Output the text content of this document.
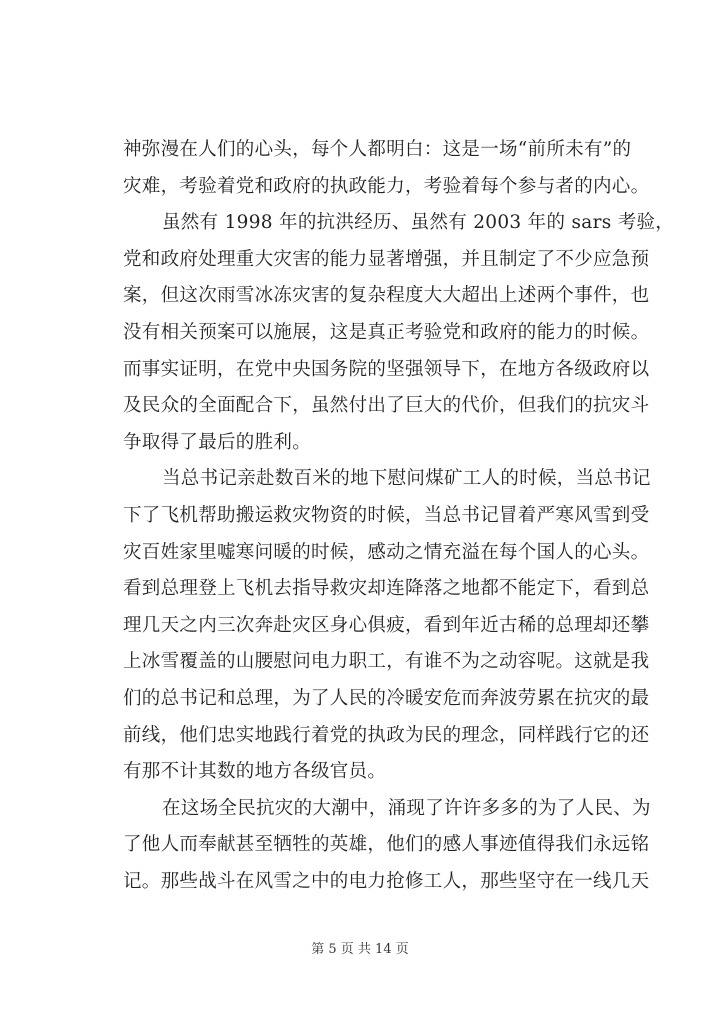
神弥漫在人们的心头，每个人都明白：这是一场“前所未有”的
灾难，考验着党和政府的执政能力，考验着每个参与者的内心。
虽然有 1998 年的抗洪经历、虽然有 2003 年的 sars 考验，
党和政府处理重大灾害的能力显著增强，并且制定了不少应急预
案，但这次雨雪冰冻灾害的复杂程度大大超出上述两个事件，也
没有相关预案可以施展，这是真正考验党和政府的能力的时候。
而事实证明，在党中央国务院的坚强领导下，在地方各级政府以
及民众的全面配合下，虽然付出了巨大的代价，但我们的抗灾斗
争取得了最后的胜利。
当总书记亲赴数百米的地下慰问煤矿工人的时候，当总书记
下了飞机帮助搬运救灾物资的时候，当总书记冒着严寒风雪到受
灾百姓家里嘘寒问暖的时候，感动之情充溢在每个国人的心头。
看到总理登上飞机去指导救灾却连降落之地都不能定下，看到总
理几天之内三次奔赴灾区身心俱疲，看到年近古稀的总理却还攀
上冰雪覆盖的山腰慰问电力职工，有谁不为之动容呢。这就是我
们的总书记和总理，为了人民的冷暖安危而奔波劳累在抗灾的最
前线，他们忠实地践行着党的执政为民的理念，同样践行它的还
有那不计其数的地方各级官员。
在这场全民抗灾的大潮中，涌现了许许多多的为了人民、为
了他人而奉献甚至牺牲的英雄，他们的感人事迹值得我们永远铭
记。那些战斗在风雪之中的电力抢修工人，那些坚守在一线几天
第 5 页 共 14 页
